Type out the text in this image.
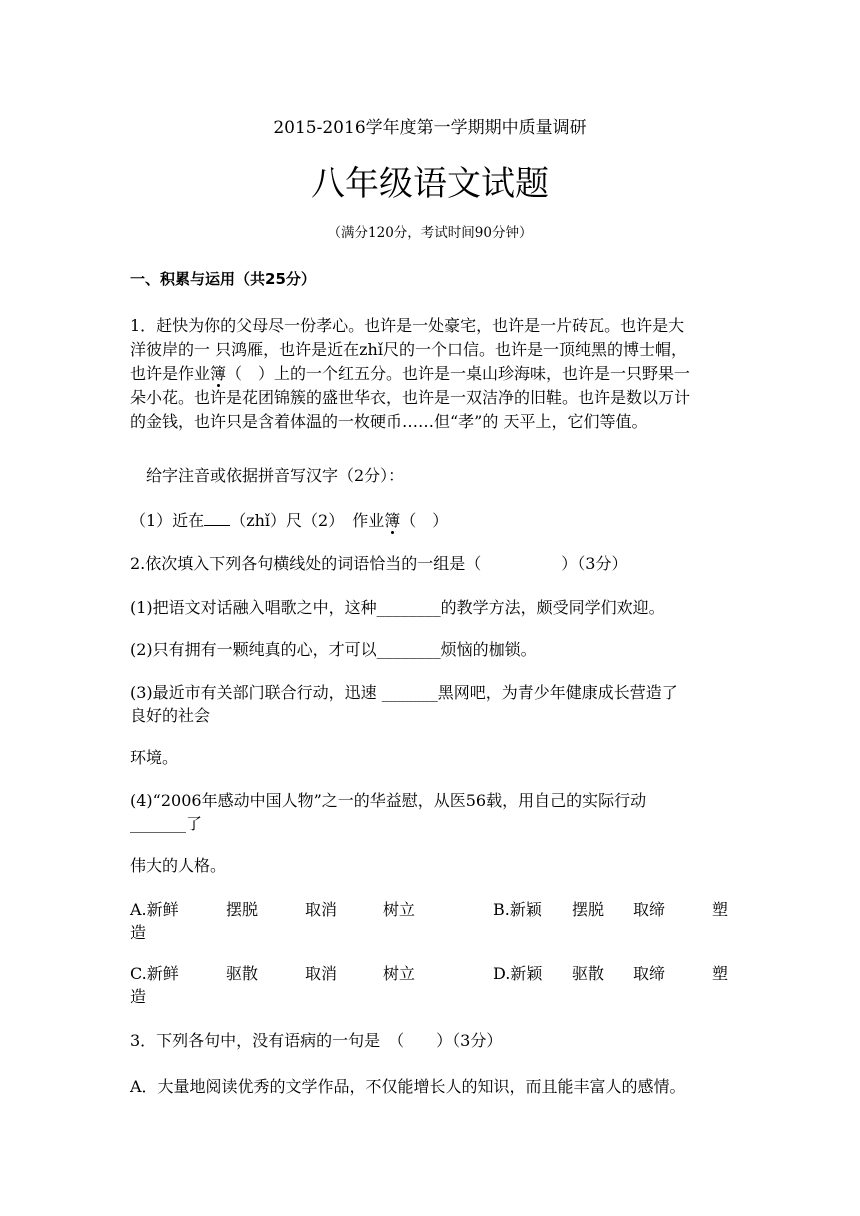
2015-2016学年度第一学期期中质量调研
八年级语文试题
（满分120分，考试时间90分钟）
一、积累与运用（共25分）
1．赶快为你的父母尽一份孝心。也许是一处豪宅，也许是一片砖瓦。也许是大
洋彼岸的一 只鸿雁，也许是近在zhǐ尺的一个口信。也许是一顶纯黑的博士帽，
也许是作业簿（　）上的一个红五分。也许是一桌山珍海味，也许是一只野果一
朵小花。也许是花团锦簇的盛世华衣，也许是一双洁净的旧鞋。也许是数以万计
的金钱，也许只是含着体温的一枚硬币……但“孝”的 天平上，它们等值。
给字注音或依据拼音写汉字（2分）：
（1）近在 （zhǐ）尺（2）　作业簿（　）
2.依次填入下列各句横线处的词语恰当的一组是（　　　　　）（3分）
(1)把语文对话融入唱歌之中，这种________的教学方法，颇受同学们欢迎。
(2)只有拥有一颗纯真的心，才可以________烦恼的枷锁。
(3)最近市有关部门联合行动，迅速 _______黑网吧，为青少年健康成长营造了
良好的社会
环境。
(4)“2006年感动中国人物”之一的华益慰，从医56载，用自己的实际行动
_______了
伟大的人格。
A.新鲜	摆脱	取消	树立	B.新颖 摆脱 取缔	塑
造
C.新鲜	驱散	取消	树立	D.新颖 驱散 取缔	塑
造
3．下列各句中，没有语病的一句是　（　　）（3分）
A．大量地阅读优秀的文学作品，不仅能增长人的知识，而且能丰富人的感情。
